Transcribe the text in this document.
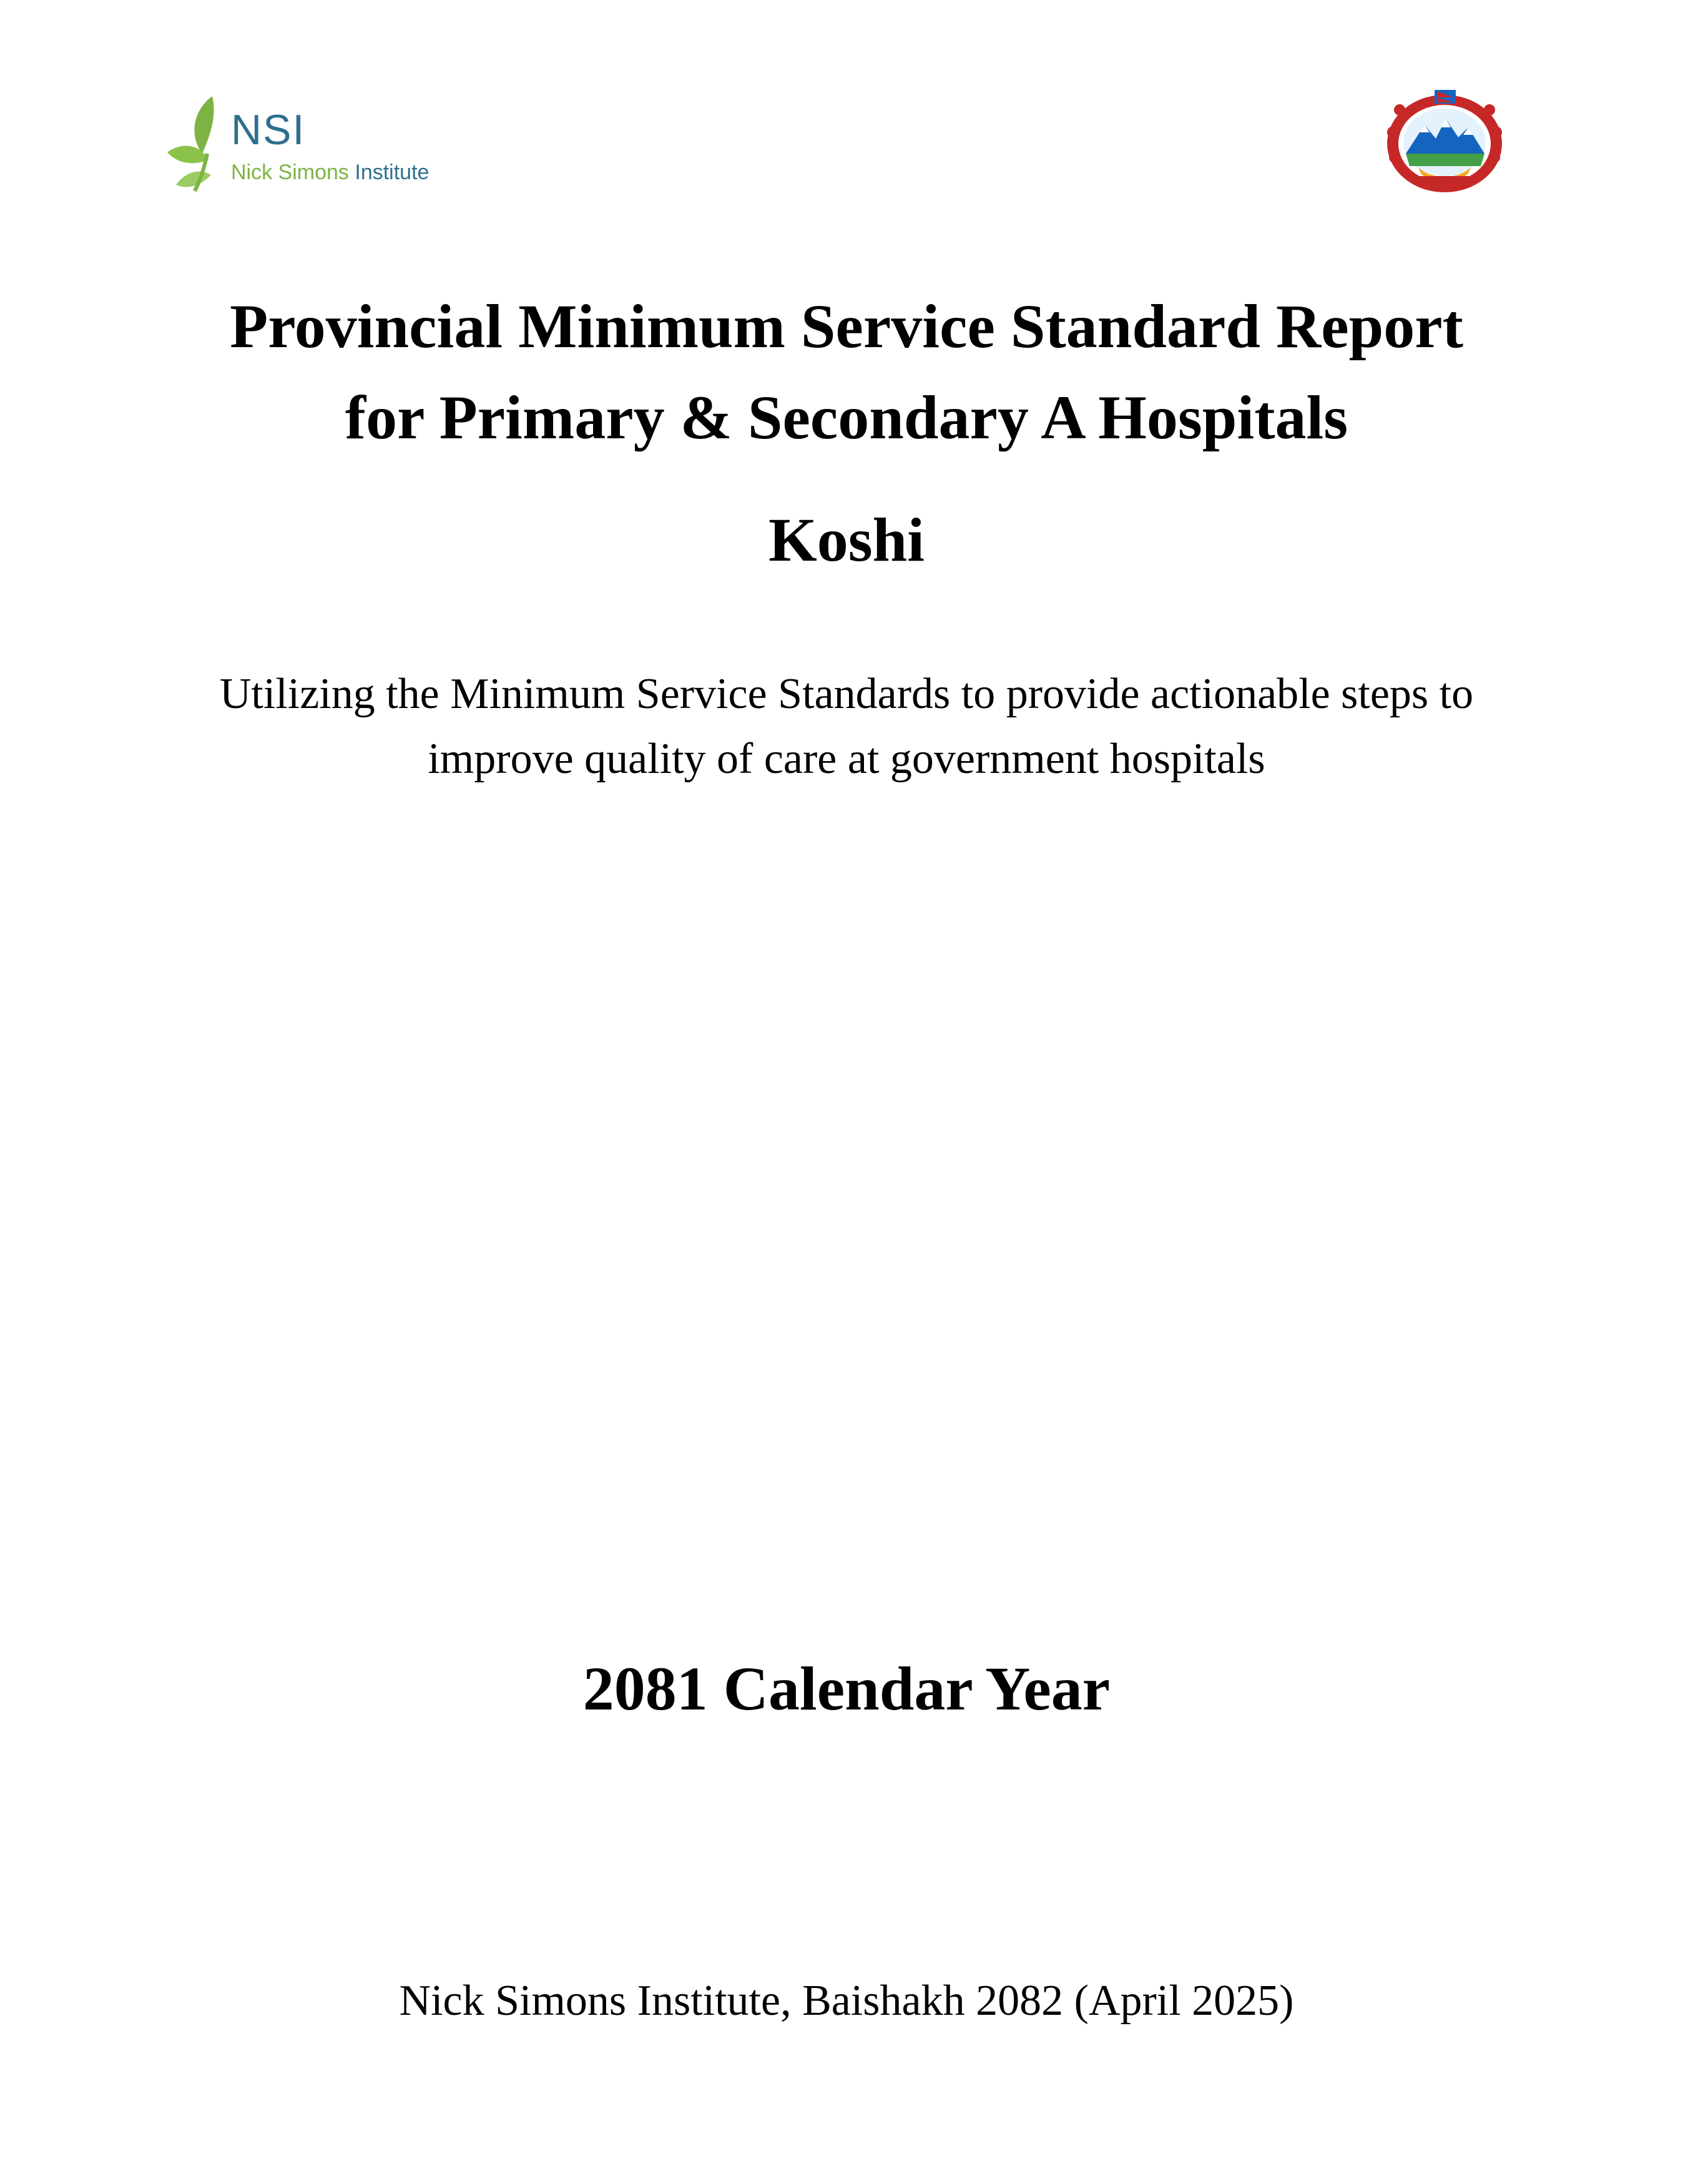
NSI
Nick Simons Institute
Provincial Minimum Service Standard Report
for Primary & Secondary A Hospitals
Koshi
Utilizing the Minimum Service Standards to provide actionable steps to
improve quality of care at government hospitals
2081 Calendar Year
Nick Simons Institute, Baishakh 2082 (April 2025)
